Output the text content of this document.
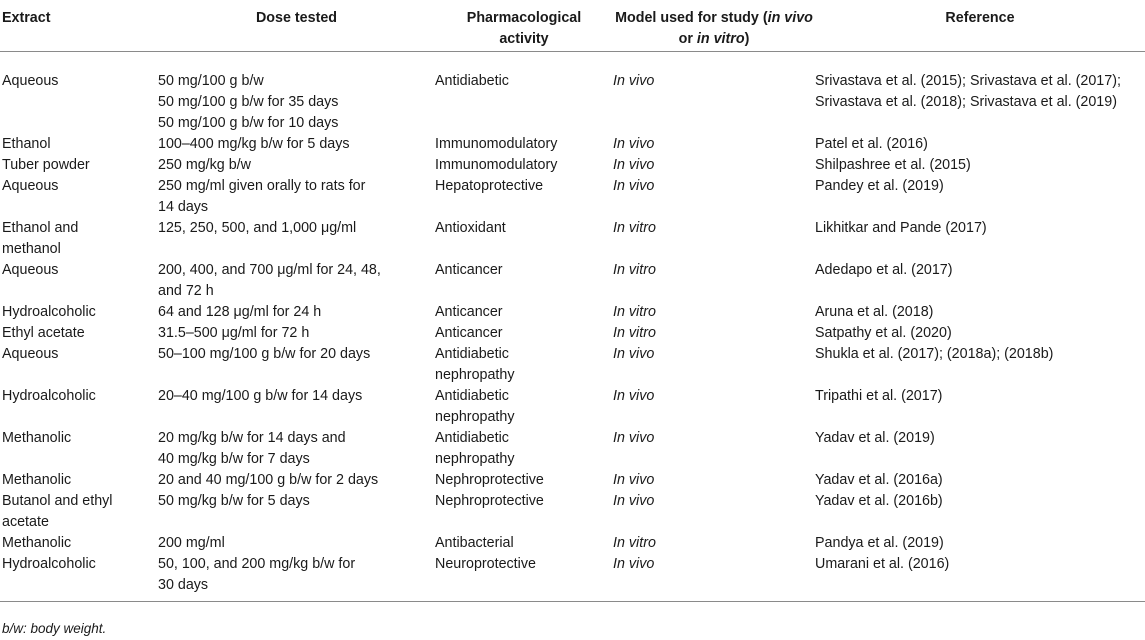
Extract	Dose tested	Pharmacological
activity	Model used for study (in vivo
or in vitro)	Reference

Aqueous	50 mg/100 g b/w
50 mg/100 g b/w for 35 days
50 mg/100 g b/w for 10 days	Antidiabetic	In vivo	Srivastava et al. (2015); Srivastava et al. (2017);
Srivastava et al. (2018); Srivastava et al. (2019)

Ethanol	100–400 mg/kg b/w for 5 days	Immunomodulatory	In vivo	Patel et al. (2016)

Tuber powder	250 mg/kg b/w	Immunomodulatory	In vivo	Shilpashree et al. (2015)

Aqueous	250 mg/ml given orally to rats for
14 days	Hepatoprotective	In vivo	Pandey et al. (2019)

Ethanol and
methanol	125, 250, 500, and 1,000 μg/ml	Antioxidant	In vitro	Likhitkar and Pande (2017)

Aqueous	200, 400, and 700 μg/ml for 24, 48,
and 72 h	Anticancer	In vitro	Adedapo et al. (2017)

Hydroalcoholic	64 and 128 μg/ml for 24 h	Anticancer	In vitro	Aruna et al. (2018)

Ethyl acetate	31.5–500 μg/ml for 72 h	Anticancer	In vitro	Satpathy et al. (2020)

Aqueous	50–100 mg/100 g b/w for 20 days	Antidiabetic
nephropathy	In vivo	Shukla et al. (2017); (2018a); (2018b)

Hydroalcoholic	20–40 mg/100 g b/w for 14 days	Antidiabetic
nephropathy	In vivo	Tripathi et al. (2017)

Methanolic	20 mg/kg b/w for 14 days and
40 mg/kg b/w for 7 days	Antidiabetic
nephropathy	In vivo	Yadav et al. (2019)

Methanolic	20 and 40 mg/100 g b/w for 2 days	Nephroprotective	In vivo	Yadav et al. (2016a)

Butanol and ethyl
acetate	50 mg/kg b/w for 5 days	Nephroprotective	In vivo	Yadav et al. (2016b)

Methanolic	200 mg/ml	Antibacterial	In vitro	Pandya et al. (2019)

Hydroalcoholic	50, 100, and 200 mg/kg b/w for
30 days	Neuroprotective	In vivo	Umarani et al. (2016)
b/w: body weight.
